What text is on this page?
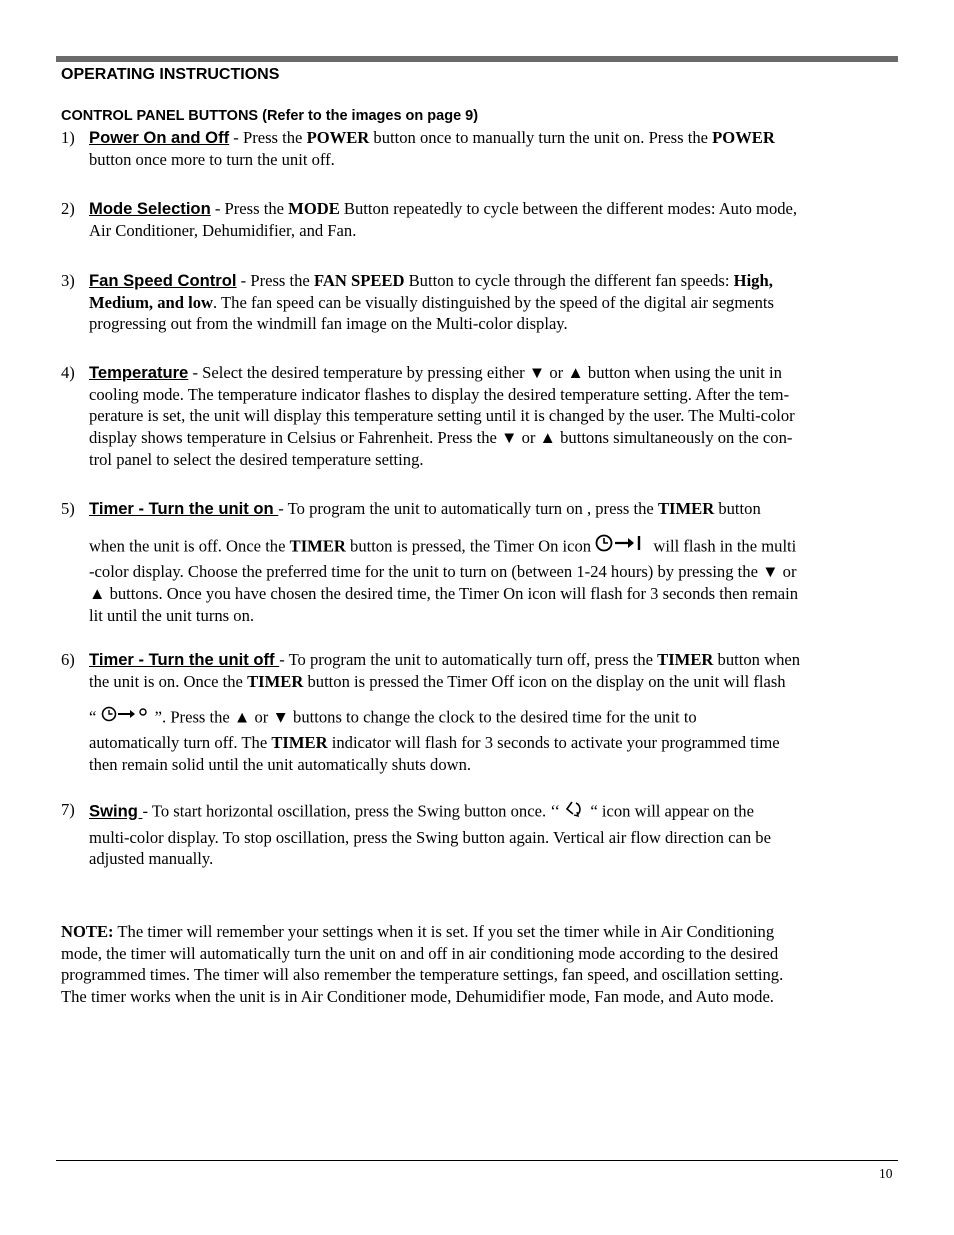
OPERATING INSTRUCTIONS
CONTROL PANEL BUTTONS (Refer to the images on page 9)
1) Power On and Off - Press the POWER button once to manually turn the unit on. Press the POWER
button once more to turn the unit off.
2) Mode Selection - Press the MODE Button repeatedly to cycle between the different modes: Auto mode,
Air Conditioner, Dehumidifier, and Fan.
3) Fan Speed Control - Press the FAN SPEED Button to cycle through the different fan speeds: High,
Medium, and low. The fan speed can be visually distinguished by the speed of the digital air segments
progressing out from the windmill fan image on the Multi-color display.
4) Temperature - Select the desired temperature by pressing either ▼ or ▲ button when using the unit in
cooling mode. The temperature indicator flashes to display the desired temperature setting. After the tem-
perature is set, the unit will display this temperature setting until it is changed by the user. The Multi-color
display shows temperature in Celsius or Fahrenheit. Press the ▼ or ▲ buttons simultaneously on the con-
trol panel to select the desired temperature setting.
5) Timer - Turn the unit on - To program the unit to automatically turn on , press the TIMER button
when the unit is off. Once the TIMER button is pressed, the Timer On icon	will flash in the multi
-color display. Choose the preferred time for the unit to turn on (between 1-24 hours) by pressing the ▼ or
▲ buttons. Once you have chosen the desired time, the Timer On icon will flash for 3 seconds then remain
lit until the unit turns on.
6) Timer - Turn the unit off - To program the unit to automatically turn off, press the TIMER button when
the unit is on. Once the TIMER button is pressed the Timer Off icon on the display on the unit will flash
“	”. Press the ▲ or ▼ buttons to change the clock to the desired time for the unit to
automatically turn off. The TIMER indicator will flash for 3 seconds to activate your programmed time
then remain solid until the unit automatically shuts down.
7) Swing - To start horizontal oscillation, press the Swing button once. ‘‘  “ icon will appear on the
multi-color display. To stop oscillation, press the Swing button again. Vertical air flow direction can be
adjusted manually.
NOTE: The timer will remember your settings when it is set. If you set the timer while in Air Conditioning
mode, the timer will automatically turn the unit on and off in air conditioning mode according to the desired
programmed times. The timer will also remember the temperature settings, fan speed, and oscillation setting.
The timer works when the unit is in Air Conditioner mode, Dehumidifier mode, Fan mode, and Auto mode.
10
